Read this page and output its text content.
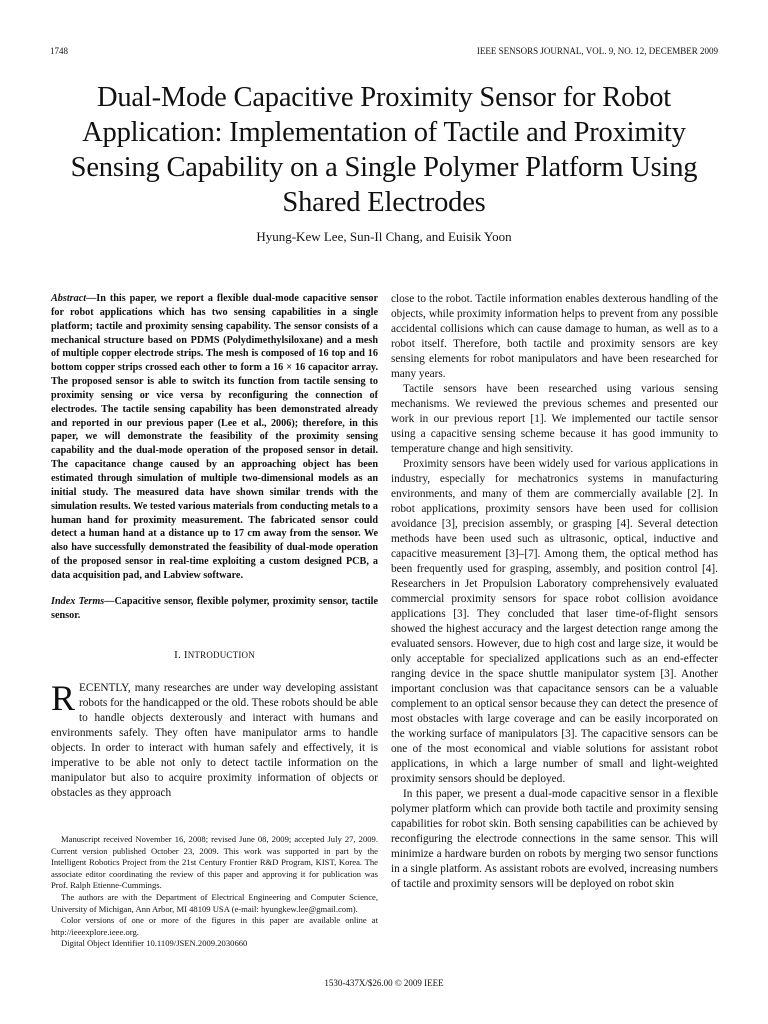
1748	IEEE SENSORS JOURNAL, VOL. 9, NO. 12, DECEMBER 2009
Dual-Mode Capacitive Proximity Sensor for Robot Application: Implementation of Tactile and Proximity Sensing Capability on a Single Polymer Platform Using Shared Electrodes
Hyung-Kew Lee, Sun-Il Chang, and Euisik Yoon

Abstract—In this paper, we report a flexible dual-mode capacitive sensor for robot applications which has two sensing capabilities in a single platform; tactile and proximity sensing capability. The sensor consists of a mechanical structure based on PDMS (Polydimethylsiloxane) and a mesh of multiple copper electrode strips. The mesh is composed of 16 top and 16 bottom copper strips crossed each other to form a 16 × 16 capacitor array. The proposed sensor is able to switch its function from tactile sensing to proximity sensing or vice versa by reconfiguring the connection of electrodes. The tactile sensing capability has been demonstrated already and reported in our previous paper (Lee et al., 2006); therefore, in this paper, we will demonstrate the feasibility of the proximity sensing capability and the dual-mode operation of the proposed sensor in detail. The capacitance change caused by an approaching object has been estimated through simulation of multiple two-dimensional models as an initial study. The measured data have shown similar trends with the simulation results. We tested various materials from conducting metals to a human hand for proximity measurement. The fabricated sensor could detect a human hand at a distance up to 17 cm away from the sensor. We also have successfully demonstrated the feasibility of dual-mode operation of the proposed sensor in real-time exploiting a custom designed PCB, a data acquisition pad, and Labview software.

Index Terms—Capacitive sensor, flexible polymer, proximity sensor, tactile sensor.

I. INTRODUCTION

RECENTLY, many researches are under way developing assistant robots for the handicapped or the old. These robots should be able to handle objects dexterously and interact with humans and environments safely. They often have manipulator arms to handle objects. In order to interact with human safely and effectively, it is imperative to be able not only to detect tactile information on the manipulator but also to acquire proximity information of objects or obstacles as they approach

Manuscript received November 16, 2008; revised June 08, 2009; accepted July 27, 2009. Current version published October 23, 2009. This work was supported in part by the Intelligent Robotics Project from the 21st Century Frontier R&D Program, KIST, Korea. The associate editor coordinating the review of this paper and approving it for publication was Prof. Ralph Etienne-Cummings.

The authors are with the Department of Electrical Engineering and Computer Science, University of Michigan, Ann Arbor, MI 48109 USA (e-mail: hyungkew.lee@gmail.com).

Color versions of one or more of the figures in this paper are available online at http://ieeexplore.ieee.org.

Digital Object Identifier 10.1109/JSEN.2009.2030660

close to the robot. Tactile information enables dexterous handling of the objects, while proximity information helps to prevent from any possible accidental collisions which can cause damage to human, as well as to a robot itself. Therefore, both tactile and proximity sensors are key sensing elements for robot manipulators and have been researched for many years.

Tactile sensors have been researched using various sensing mechanisms. We reviewed the previous schemes and presented our work in our previous report [1]. We implemented our tactile sensor using a capacitive sensing scheme because it has good immunity to temperature change and high sensitivity.

Proximity sensors have been widely used for various applications in industry, especially for mechatronics systems in manufacturing environments, and many of them are commercially available [2]. In robot applications, proximity sensors have been used for collision avoidance [3], precision assembly, or grasping [4]. Several detection methods have been used such as ultrasonic, optical, inductive and capacitive measurement [3]–[7]. Among them, the optical method has been frequently used for grasping, assembly, and position control [4]. Researchers in Jet Propulsion Laboratory comprehensively evaluated commercial proximity sensors for space robot collision avoidance applications [3]. They concluded that laser time-of-flight sensors showed the highest accuracy and the largest detection range among the evaluated sensors. However, due to high cost and large size, it would be only acceptable for specialized applications such as an end-effecter ranging device in the space shuttle manipulator system [3]. Another important conclusion was that capacitance sensors can be a valuable complement to an optical sensor because they can detect the presence of most obstacles with large coverage and can be easily incorporated on the working surface of manipulators [3]. The capacitive sensors can be one of the most economical and viable solutions for assistant robot applications, in which a large number of small and light-weighted proximity sensors should be deployed.

In this paper, we present a dual-mode capacitive sensor in a flexible polymer platform which can provide both tactile and proximity sensing capabilities for robot skin. Both sensing capabilities can be achieved by reconfiguring the electrode connections in the same sensor. This will minimize a hardware burden on robots by merging two sensor functions in a single platform. As assistant robots are evolved, increasing numbers of tactile and proximity sensors will be deployed on robot skin

1530-437X/$26.00 © 2009 IEEE
